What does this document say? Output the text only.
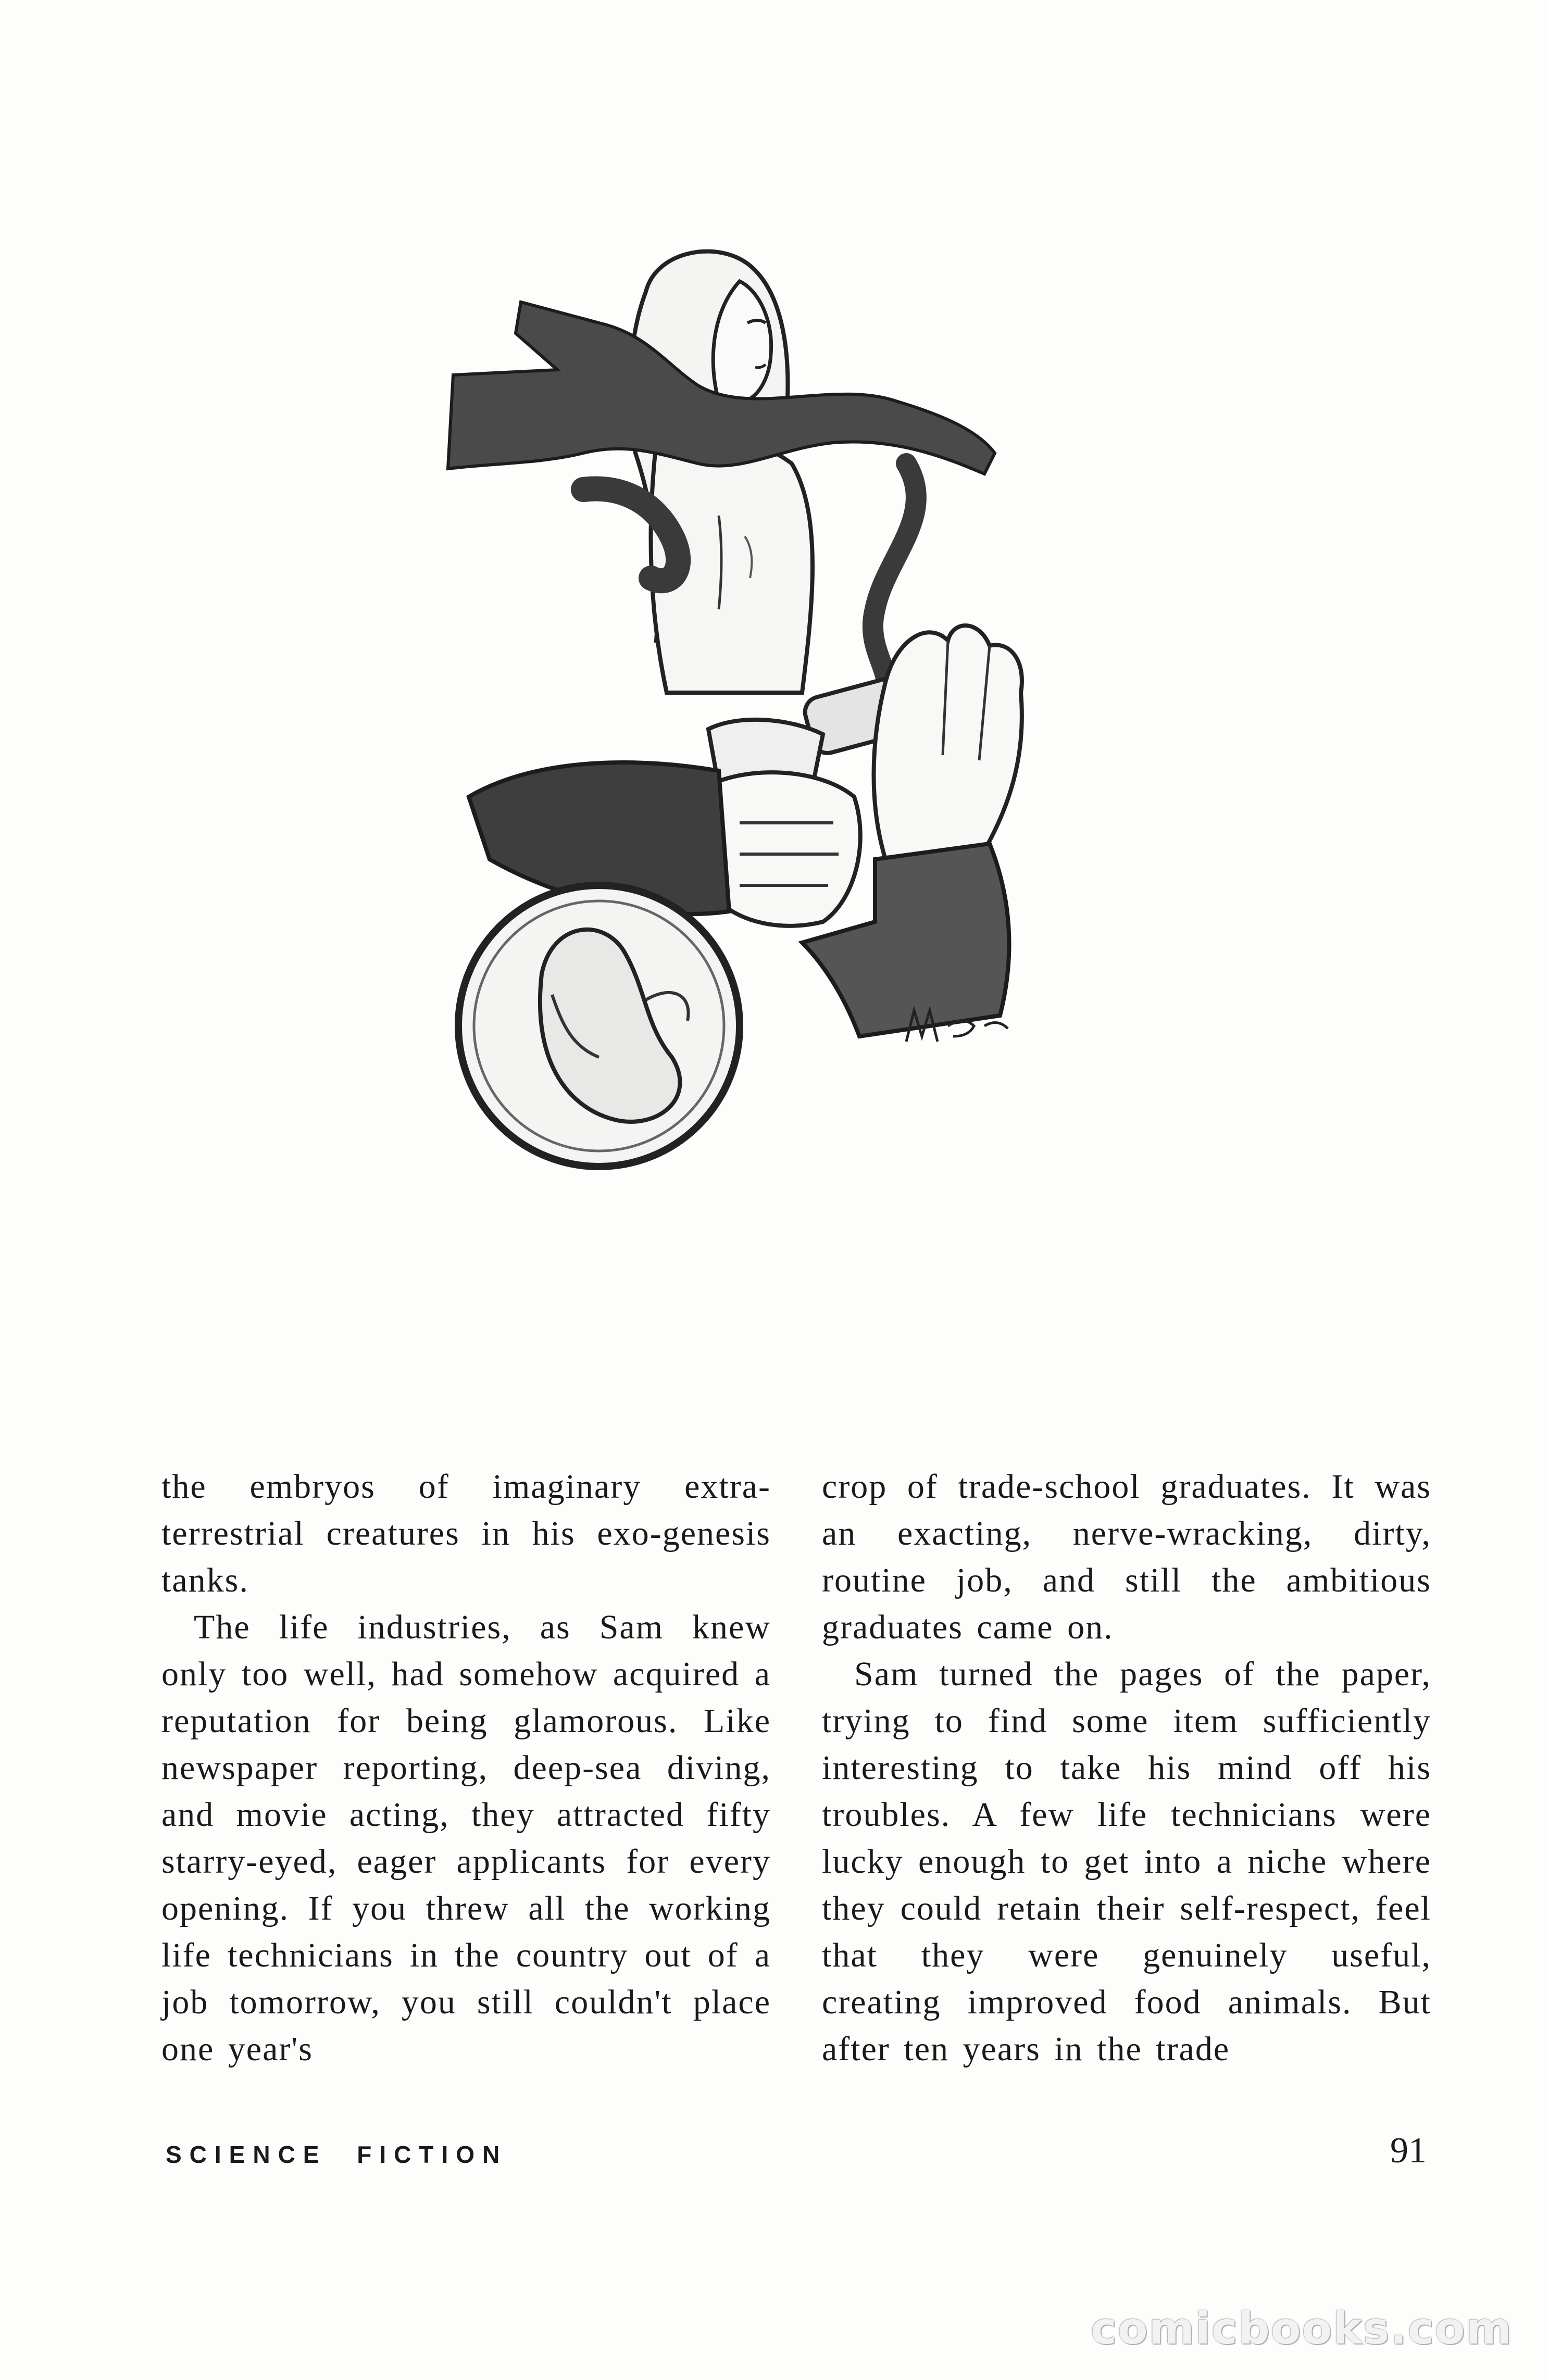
the embryos of imaginary extra-terrestrial creatures in his exo-genesis tanks.

The life industries, as Sam knew only too well, had somehow acquired a reputation for being glamorous. Like newspaper reporting, deep-sea diving, and movie acting, they attracted fifty starry-eyed, eager applicants for every opening. If you threw all the working life technicians in the country out of a job tomorrow, you still couldn't place one year's

crop of trade-school graduates. It was an exacting, nerve-wracking, dirty, routine job, and still the ambitious graduates came on.

Sam turned the pages of the paper, trying to find some item sufficiently interesting to take his mind off his troubles. A few life technicians were lucky enough to get into a niche where they could retain their self-respect, feel that they were genuinely useful, creating improved food animals. But after ten years in the trade

SCIENCE FICTION	91
comicbooks.com
